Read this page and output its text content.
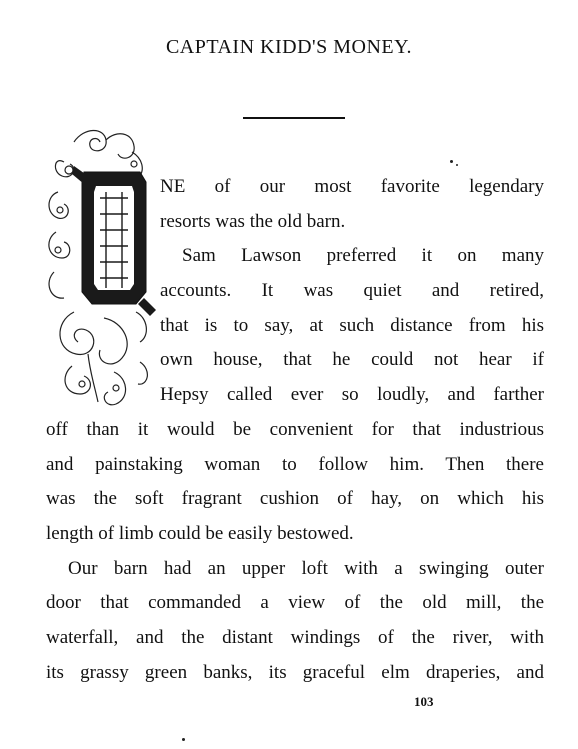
CAPTAIN KIDD'S MONEY.
NE of our most favorite legendary
resorts was the old barn.
Sam Lawson preferred it on many
accounts. It was quiet and retired,
that is to say, at such distance from his
own house, that he could not hear if
Hepsy called ever so loudly, and farther
off than it would be convenient for that industrious
and painstaking woman to follow him. Then there
was the soft fragrant cushion of hay, on which his
length of limb could be easily bestowed.
Our barn had an upper loft with a swinging outer
door that commanded a view of the old mill, the
waterfall, and the distant windings of the river, with
its grassy green banks, its graceful elm draperies, and
103
